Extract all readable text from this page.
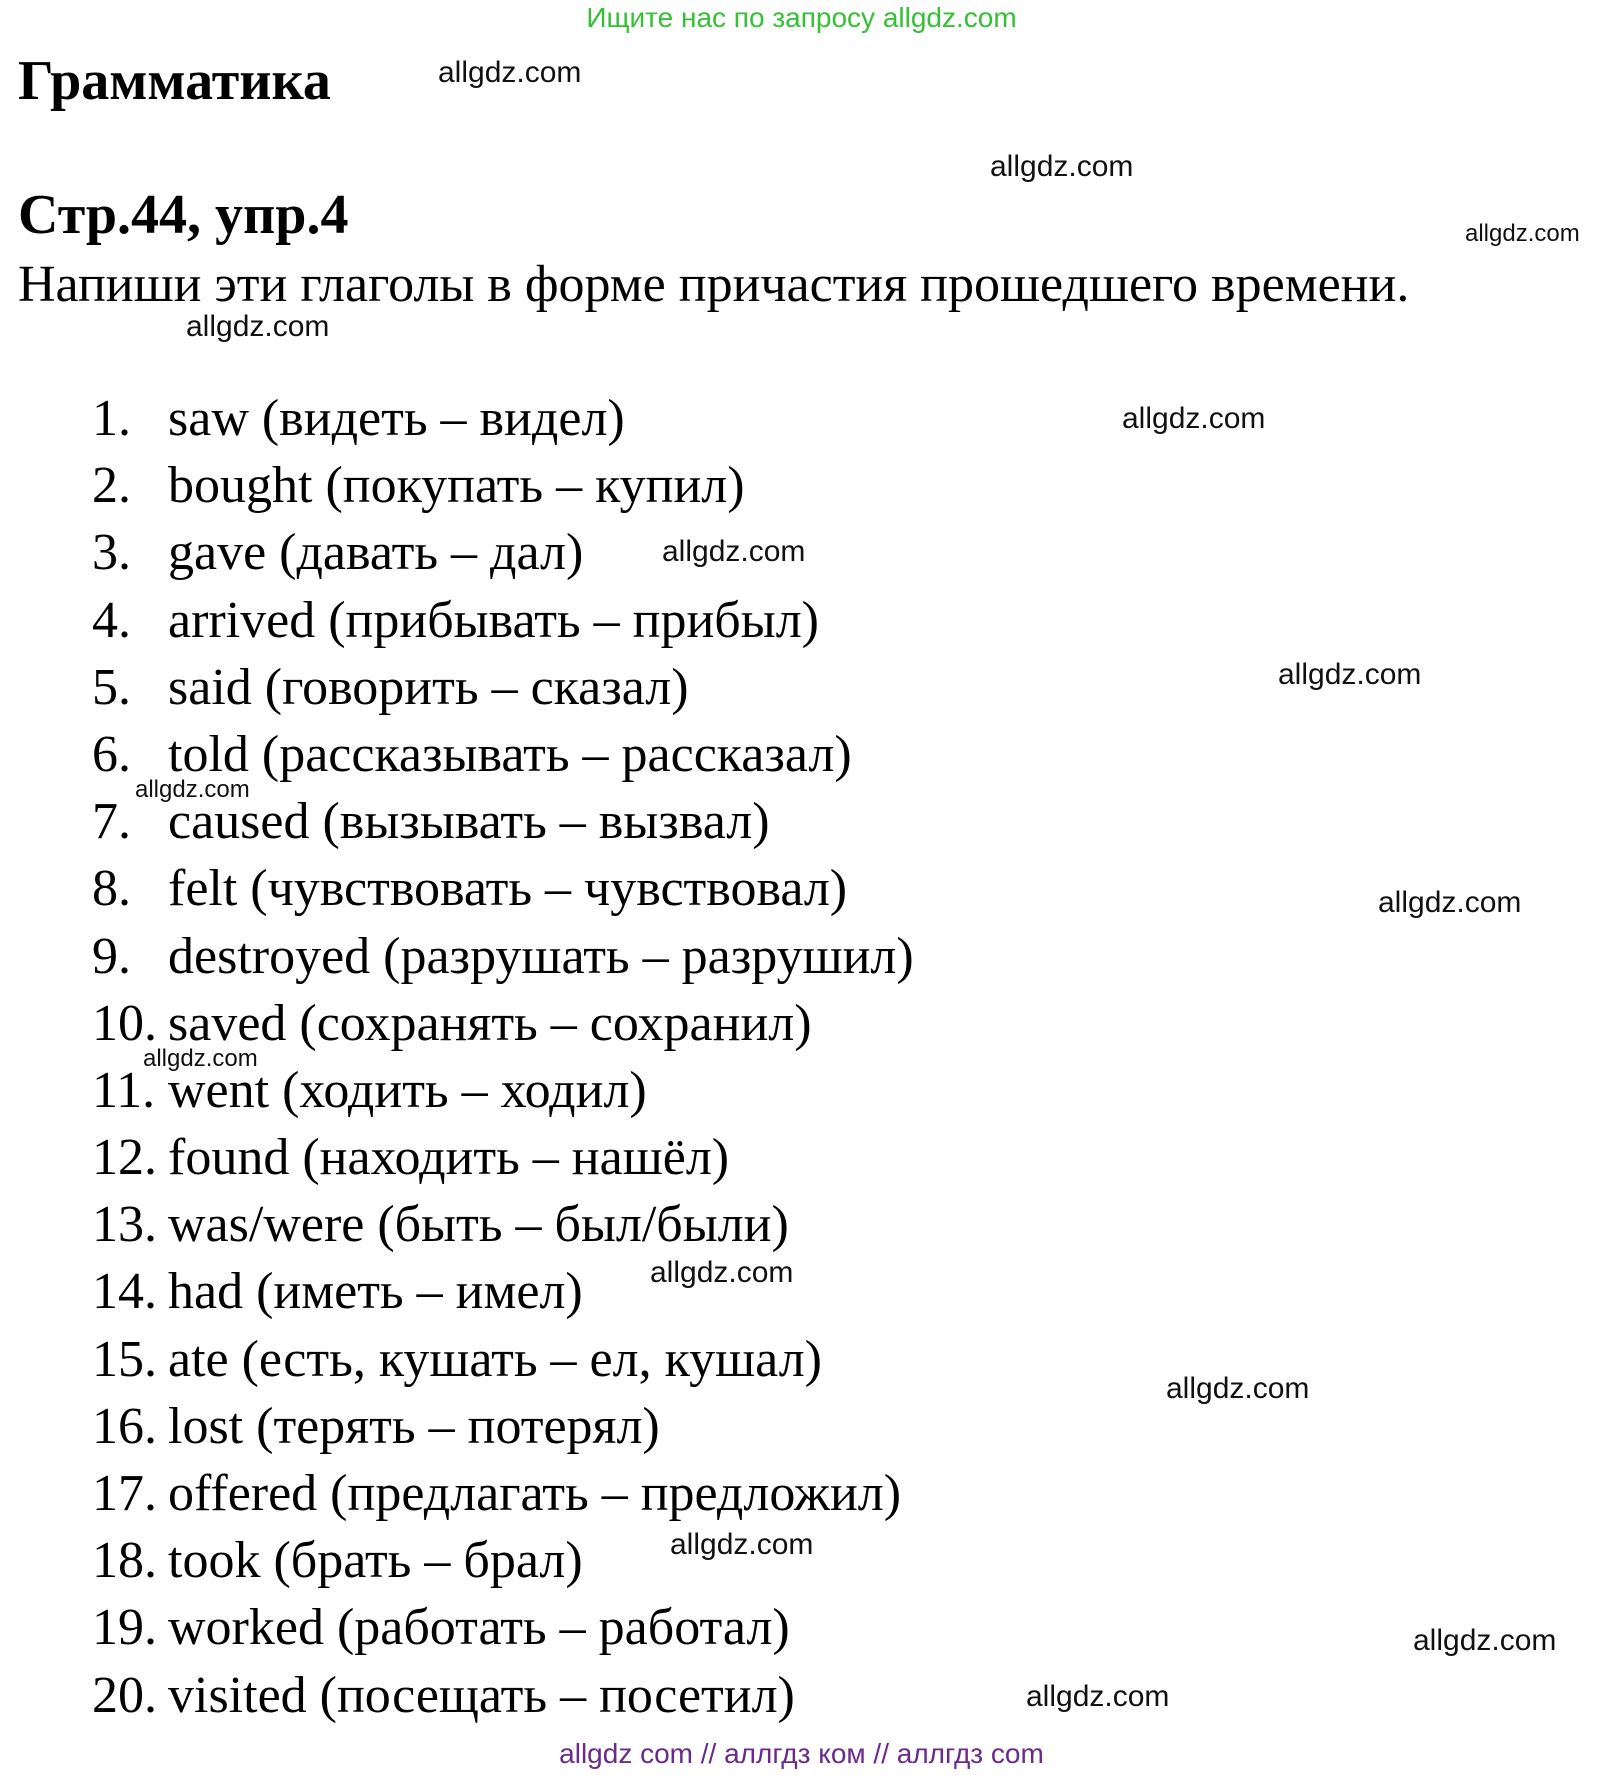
Ищите нас по запросу allgdz.com
Грамматика
Стр.44, упр.4
Напиши эти глаголы в форме причастия прошедшего времени.
1. saw (видеть – видел)
2. bought (покупать – купил)
3. gave (давать – дал)
4. arrived (прибывать – прибыл)
5. said (говорить – сказал)
6. told (рассказывать – рассказал)
7. caused (вызывать – вызвал)
8. felt (чувствовать – чувствовал)
9. destroyed (разрушать – разрушил)
10. saved (сохранять – сохранил)
11. went (ходить – ходил)
12. found (находить – нашёл)
13. was/were (быть – был/были)
14. had (иметь – имел)
15. ate (есть, кушать – ел, кушал)
16. lost (терять – потерял)
17. offered (предлагать – предложил)
18. took (брать – брал)
19. worked (работать – работал)
20. visited (посещать – посетил)
allgdz.com
allgdz.com
allgdz.com
allgdz.com
allgdz.com
allgdz.com
allgdz.com
allgdz.com
allgdz.com
allgdz.com
allgdz.com
allgdz.com
allgdz.com
allgdz.com
allgdz.com
allgdz com // аллгдз ком // аллгдз com
